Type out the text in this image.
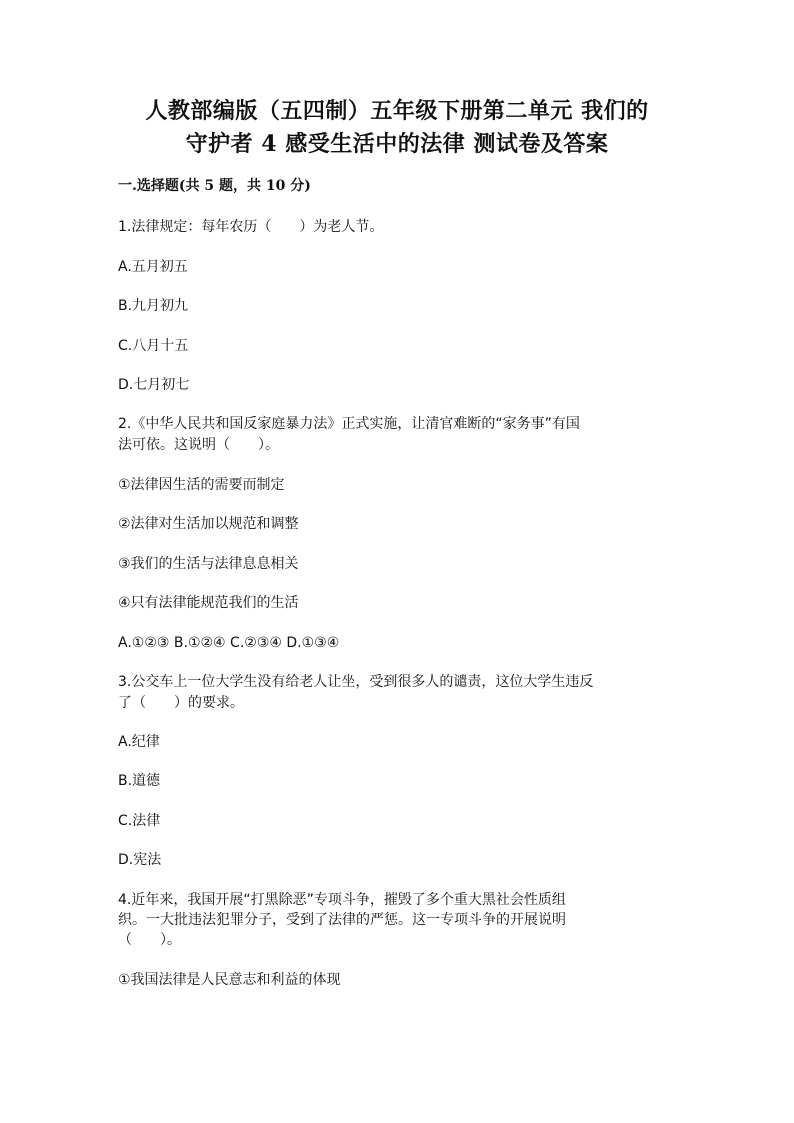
人教部编版（五四制）五年级下册第二单元 我们的
守护者 4 感受生活中的法律 测试卷及答案
一.选择题(共 5 题，共 10 分)
1.法律规定：每年农历（　　）为老人节。
A.五月初五
B.九月初九
C.八月十五
D.七月初七
2.《中华人民共和国反家庭暴力法》正式实施，让清官难断的“家务事”有国
法可依。这说明（　　）。
①法律因生活的需要而制定
②法律对生活加以规范和调整
③我们的生活与法律息息相关
④只有法律能规范我们的生活
A.①②③ B.①②④ C.②③④ D.①③④
3.公交车上一位大学生没有给老人让坐，受到很多人的谴责，这位大学生违反
了（　　）的要求。
A.纪律
B.道德
C.法律
D.宪法
4.近年来，我国开展“打黑除恶”专项斗争，摧毁了多个重大黑社会性质组
织。一大批违法犯罪分子，受到了法律的严惩。这一专项斗争的开展说明
（　　）。
①我国法律是人民意志和利益的体现
